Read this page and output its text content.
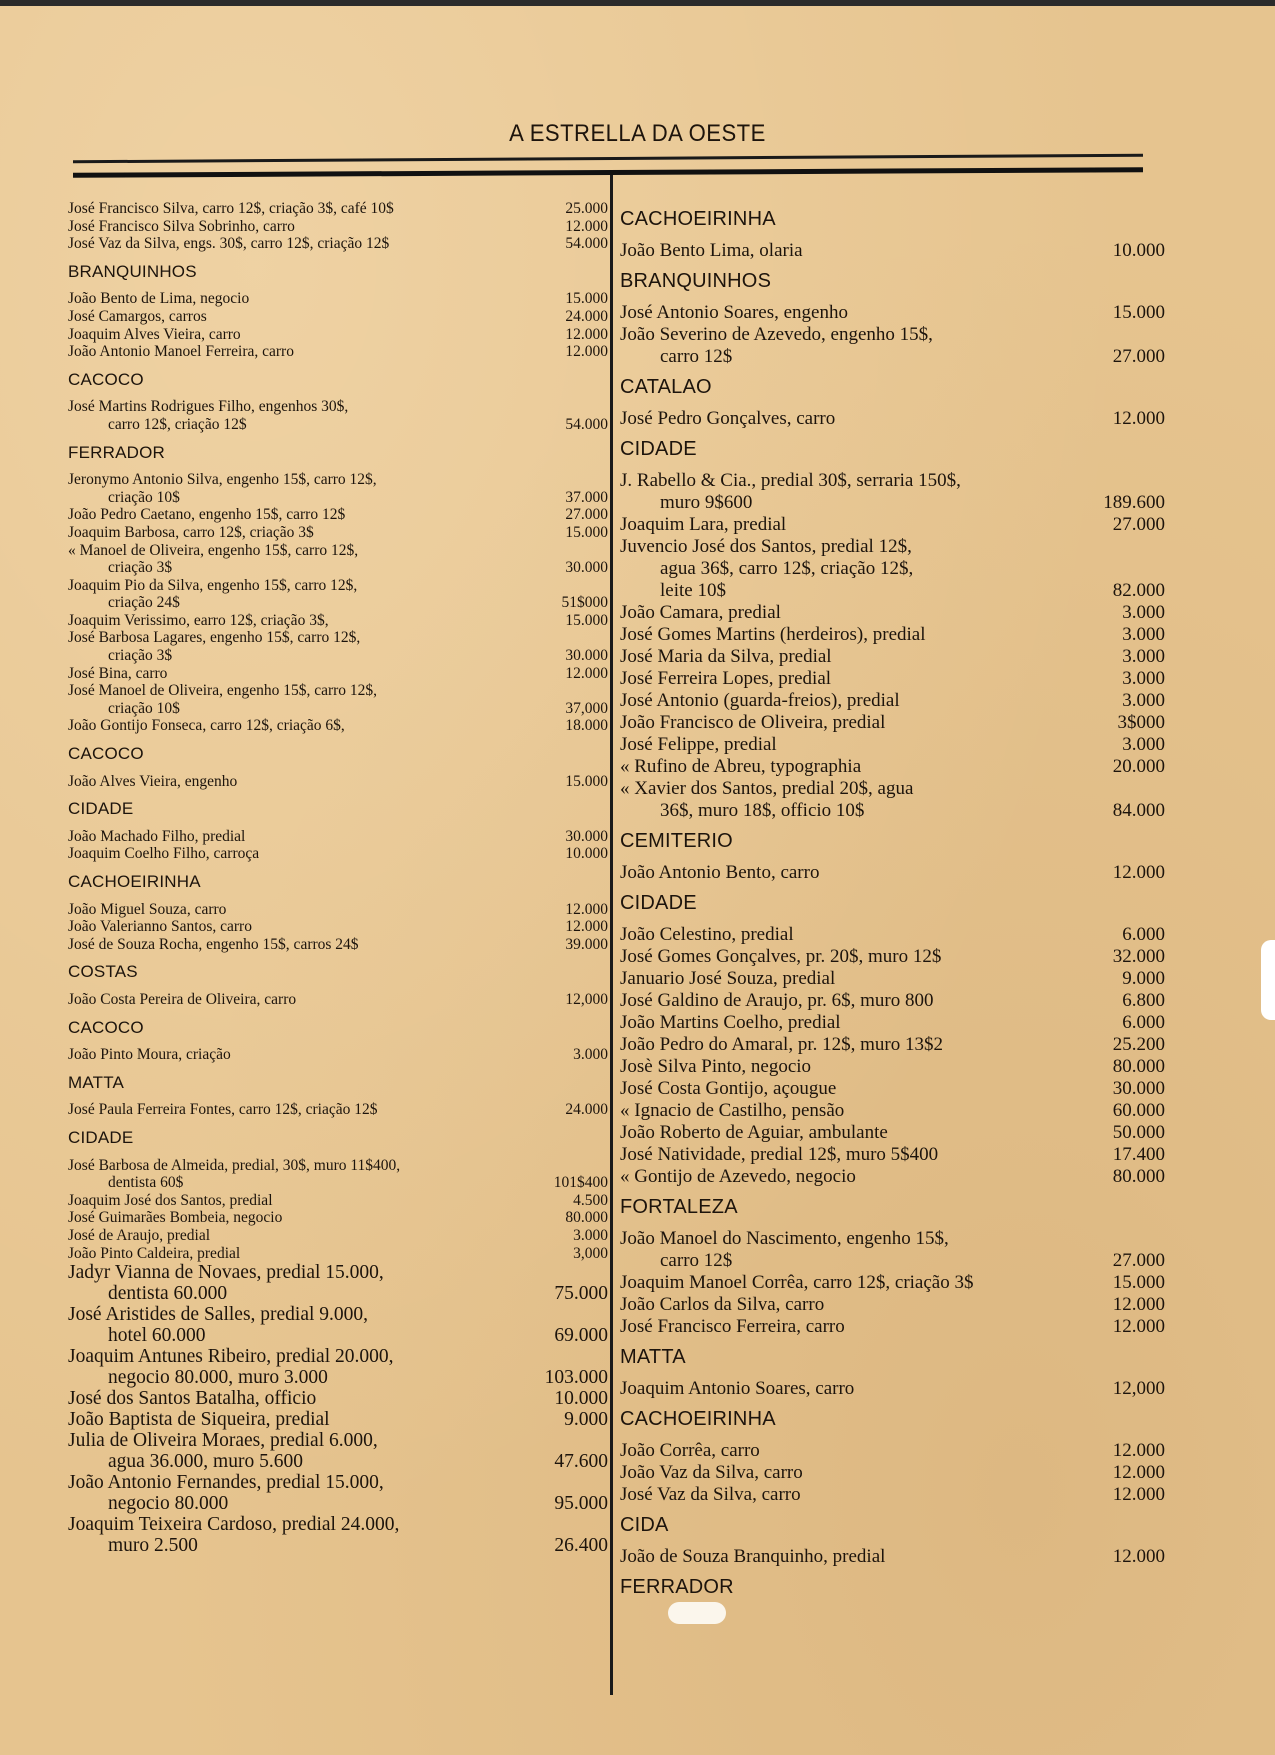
A ESTRELLA DA OESTE
José Francisco Silva, carro 12$, criação 3$, café 10$	25.000
José Francisco Silva Sobrinho, carro	12.000
José Vaz da Silva, engs. 30$, carro 12$, criação 12$	54.000
BRANQUINHOS
João Bento de Lima, negocio	15.000
José Camargos, carros	24.000
Joaquim Alves Vieira, carro	12.000
João Antonio Manoel Ferreira, carro	12.000
CACOCO
José Martins Rodrigues Filho, engenhos 30$,
carro 12$, criação 12$	54.000
FERRADOR
Jeronymo Antonio Silva, engenho 15$, carro 12$,
criação 10$	37.000
João Pedro Caetano, engenho 15$, carro 12$	27.000
Joaquim Barbosa, carro 12$, criação 3$	15.000
« Manoel de Oliveira, engenho 15$, carro 12$,
criação 3$	30.000
Joaquim Pio da Silva, engenho 15$, carro 12$,
criação 24$	51$000
Joaquim Verissimo, earro 12$, criação 3$,	15.000
José Barbosa Lagares, engenho 15$, carro 12$,
criação 3$	30.000
José Bina, carro	12.000
José Manoel de Oliveira, engenho 15$, carro 12$,
criação 10$	37,000
João Gontijo Fonseca, carro 12$, criação 6$,	18.000
CACOCO
João Alves Vieira, engenho	15.000
CIDADE
João Machado Filho, predial	30.000
Joaquim Coelho Filho, carroça	10.000
CACHOEIRINHA
João Miguel Souza, carro	12.000
João Valerianno Santos, carro	12.000
José de Souza Rocha, engenho 15$, carros 24$	39.000
COSTAS
João Costa Pereira de Oliveira, carro	12,000
CACOCO
João Pinto Moura, criação	3.000
MATTA
José Paula Ferreira Fontes, carro 12$, criação 12$	24.000
CIDADE
José Barbosa de Almeida, predial, 30$, muro 11$400,
dentista 60$	101$400
Joaquim José dos Santos, predial	4.500
José Guimarães Bombeia, negocio	80.000
José de Araujo, predial	3.000
João Pinto Caldeira, predial	3,000
Jadyr Vianna de Novaes, predial 15.000,
dentista 60.000	75.000
José Aristides de Salles, predial 9.000,
hotel 60.000	69.000
Joaquim Antunes Ribeiro, predial 20.000,
negocio 80.000, muro 3.000	103.000
José dos Santos Batalha, officio	10.000
João Baptista de Siqueira, predial	9.000
Julia de Oliveira Moraes, predial 6.000,
agua 36.000, muro 5.600	47.600
João Antonio Fernandes, predial 15.000,
negocio 80.000	95.000
Joaquim Teixeira Cardoso, predial 24.000,
muro 2.500	26.400
CACHOEIRINHA
João Bento Lima, olaria	10.000
BRANQUINHOS
José Antonio Soares, engenho	15.000
João Severino de Azevedo, engenho 15$,
carro 12$	27.000
CATALAO
José Pedro Gonçalves, carro	12.000
CIDADE
J. Rabello & Cia., predial 30$, serraria 150$,
muro 9$600	189.600
Joaquim Lara, predial	27.000
Juvencio José dos Santos, predial 12$,
agua 36$, carro 12$, criação 12$,
leite 10$	82.000
João Camara, predial	3.000
José Gomes Martins (herdeiros), predial	3.000
José Maria da Silva, predial	3.000
José Ferreira Lopes, predial	3.000
José Antonio (guarda-freios), predial	3.000
João Francisco de Oliveira, predial	3$000
José Felippe, predial	3.000
« Rufino de Abreu, typographia	20.000
« Xavier dos Santos, predial 20$, agua
36$, muro 18$, officio 10$	84.000
CEMITERIO
João Antonio Bento, carro	12.000
CIDADE
João Celestino, predial	6.000
José Gomes Gonçalves, pr. 20$, muro 12$	32.000
Januario José Souza, predial	9.000
José Galdino de Araujo, pr. 6$, muro 800	6.800
João Martins Coelho, predial	6.000
João Pedro do Amaral, pr. 12$, muro 13$2	25.200
Josè Silva Pinto, negocio	80.000
José Costa Gontijo, açougue	30.000
« Ignacio de Castilho, pensão	60.000
João Roberto de Aguiar, ambulante	50.000
José Natividade, predial 12$, muro 5$400	17.400
« Gontijo de Azevedo, negocio	80.000
FORTALEZA
João Manoel do Nascimento, engenho 15$,
carro 12$	27.000
Joaquim Manoel Corrêa, carro 12$, criação 3$	15.000
João Carlos da Silva, carro	12.000
José Francisco Ferreira, carro	12.000
MATTA
Joaquim Antonio Soares, carro	12,000
CACHOEIRINHA
João Corrêa, carro	12.000
João Vaz da Silva, carro	12.000
José Vaz da Silva, carro	12.000
CIDA
João de Souza Branquinho, predial	12.000
FERRADOR
